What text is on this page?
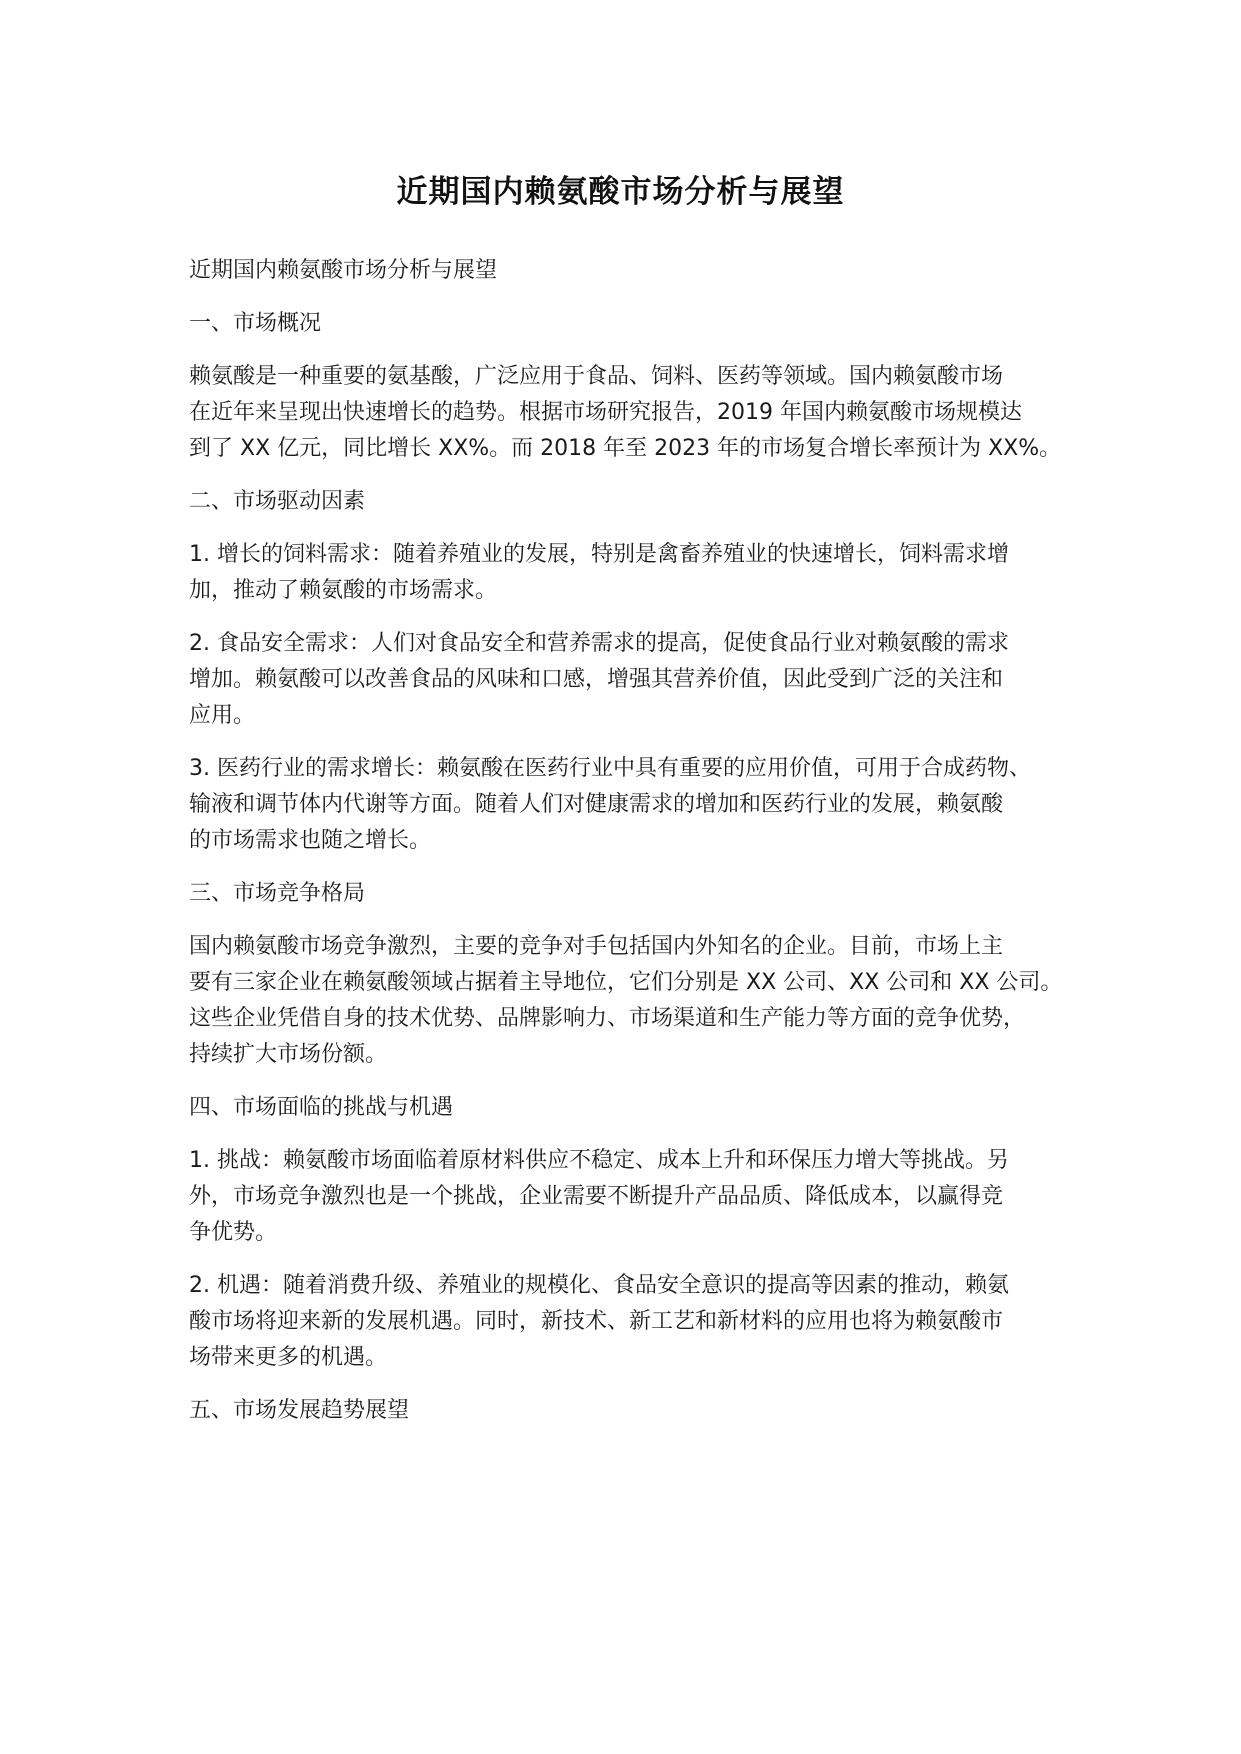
近期国内赖氨酸市场分析与展望
近期国内赖氨酸市场分析与展望
一、市场概况
赖氨酸是一种重要的氨基酸，广泛应用于食品、饲料、医药等领域。国内赖氨酸市场
在近年来呈现出快速增长的趋势。根据市场研究报告，2019 年国内赖氨酸市场规模达
到了 XX 亿元，同比增长 XX%。而 2018 年至 2023 年的市场复合增长率预计为 XX%。
二、市场驱动因素
1. 增长的饲料需求：随着养殖业的发展，特别是禽畜养殖业的快速增长，饲料需求增
加，推动了赖氨酸的市场需求。
2. 食品安全需求：人们对食品安全和营养需求的提高，促使食品行业对赖氨酸的需求
增加。赖氨酸可以改善食品的风味和口感，增强其营养价值，因此受到广泛的关注和
应用。
3. 医药行业的需求增长：赖氨酸在医药行业中具有重要的应用价值，可用于合成药物、
输液和调节体内代谢等方面。随着人们对健康需求的增加和医药行业的发展，赖氨酸
的市场需求也随之增长。
三、市场竞争格局
国内赖氨酸市场竞争激烈，主要的竞争对手包括国内外知名的企业。目前，市场上主
要有三家企业在赖氨酸领域占据着主导地位，它们分别是 XX 公司、XX 公司和 XX 公司。
这些企业凭借自身的技术优势、品牌影响力、市场渠道和生产能力等方面的竞争优势，
持续扩大市场份额。
四、市场面临的挑战与机遇
1. 挑战：赖氨酸市场面临着原材料供应不稳定、成本上升和环保压力增大等挑战。另
外，市场竞争激烈也是一个挑战，企业需要不断提升产品品质、降低成本，以赢得竞
争优势。
2. 机遇：随着消费升级、养殖业的规模化、食品安全意识的提高等因素的推动，赖氨
酸市场将迎来新的发展机遇。同时，新技术、新工艺和新材料的应用也将为赖氨酸市
场带来更多的机遇。
五、市场发展趋势展望
